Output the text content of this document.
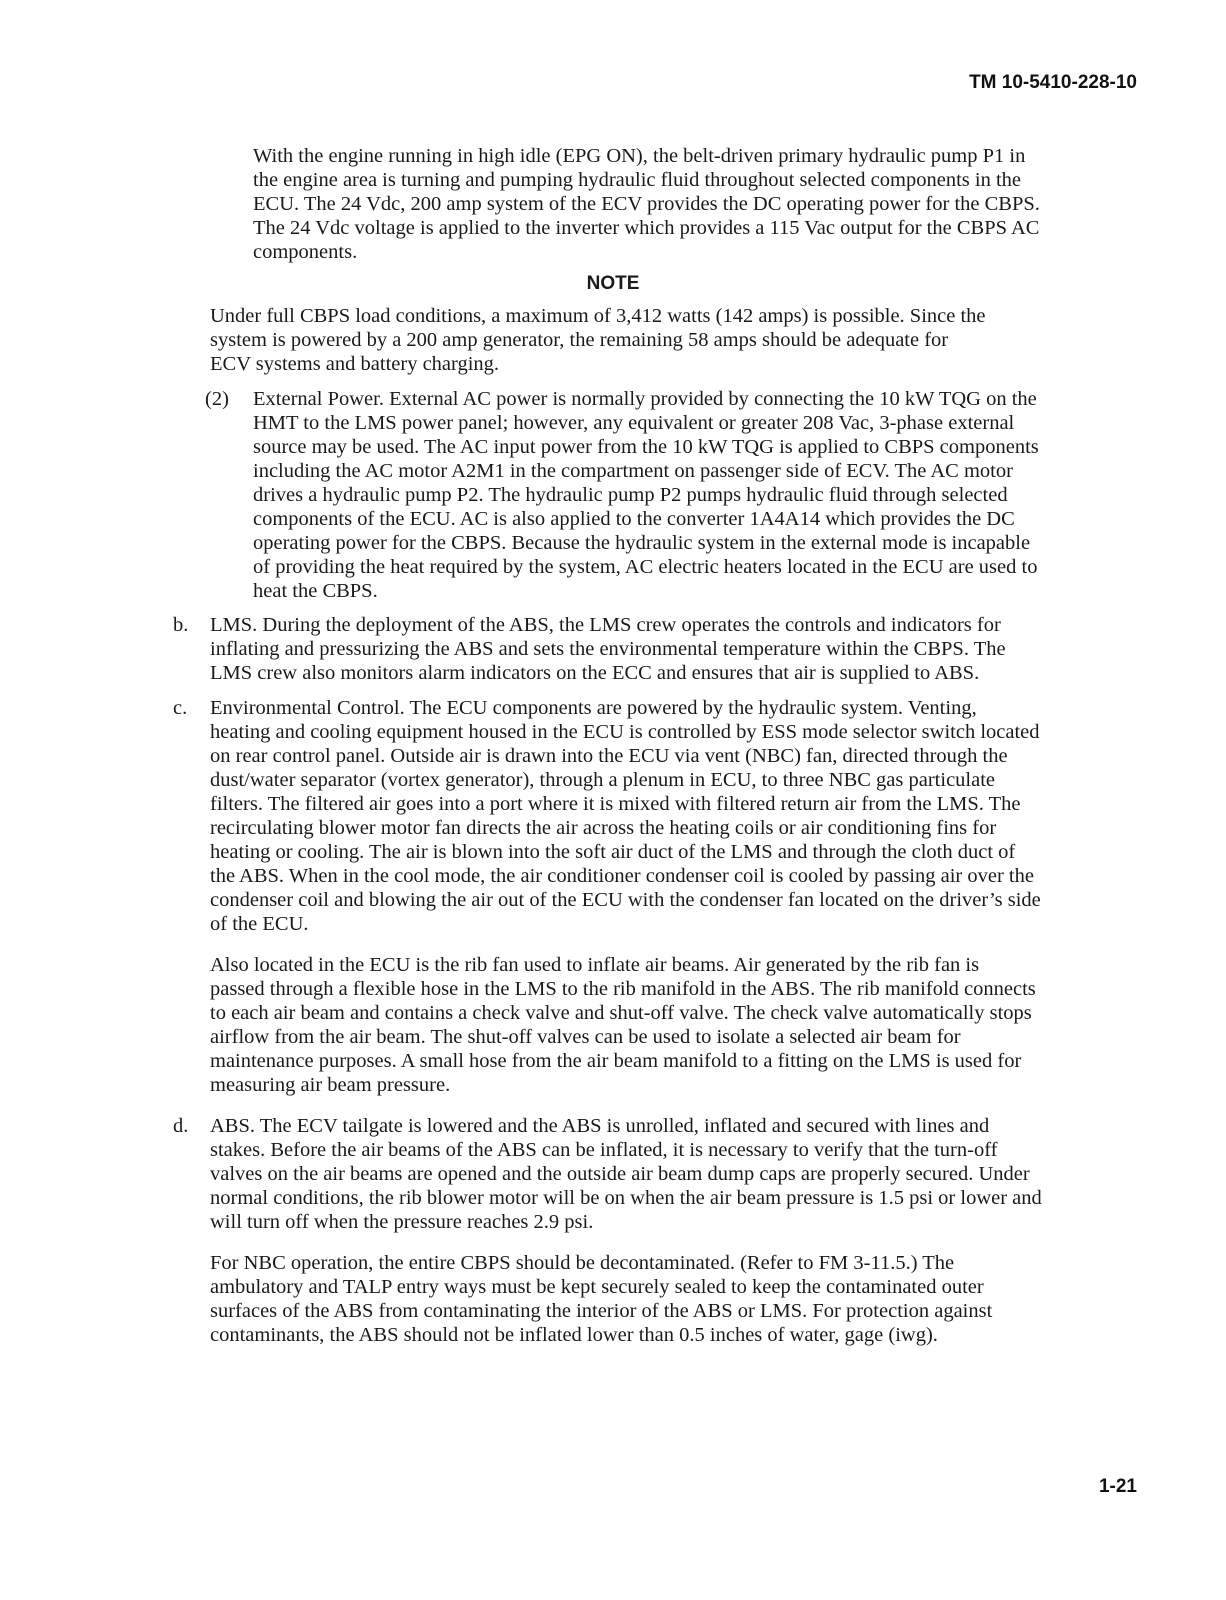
TM 10-5410-228-10
With the engine running in high idle (EPG ON), the belt-driven primary hydraulic pump P1 in
the engine area is turning and pumping hydraulic fluid throughout selected components in the
ECU. The 24 Vdc, 200 amp system of the ECV provides the DC operating power for the CBPS.
The 24 Vdc voltage is applied to the inverter which provides a 115 Vac output for the CBPS AC
components.
NOTE
Under full CBPS load conditions, a maximum of 3,412 watts (142 amps) is possible. Since the
system is powered by a 200 amp generator, the remaining 58 amps should be adequate for
ECV systems and battery charging.
(2) External Power. External AC power is normally provided by connecting the 10 kW TQG on the
HMT to the LMS power panel; however, any equivalent or greater 208 Vac, 3-phase external
source may be used. The AC input power from the 10 kW TQG is applied to CBPS components
including the AC motor A2M1 in the compartment on passenger side of ECV. The AC motor
drives a hydraulic pump P2. The hydraulic pump P2 pumps hydraulic fluid through selected
components of the ECU. AC is also applied to the converter 1A4A14 which provides the DC
operating power for the CBPS. Because the hydraulic system in the external mode is incapable
of providing the heat required by the system, AC electric heaters located in the ECU are used to
heat the CBPS.
b. LMS. During the deployment of the ABS, the LMS crew operates the controls and indicators for
inflating and pressurizing the ABS and sets the environmental temperature within the CBPS. The
LMS crew also monitors alarm indicators on the ECC and ensures that air is supplied to ABS.
c. Environmental Control. The ECU components are powered by the hydraulic system. Venting,
heating and cooling equipment housed in the ECU is controlled by ESS mode selector switch located
on rear control panel. Outside air is drawn into the ECU via vent (NBC) fan, directed through the
dust/water separator (vortex generator), through a plenum in ECU, to three NBC gas particulate
filters. The filtered air goes into a port where it is mixed with filtered return air from the LMS. The
recirculating blower motor fan directs the air across the heating coils or air conditioning fins for
heating or cooling. The air is blown into the soft air duct of the LMS and through the cloth duct of
the ABS. When in the cool mode, the air conditioner condenser coil is cooled by passing air over the
condenser coil and blowing the air out of the ECU with the condenser fan located on the driver’s side
of the ECU.
Also located in the ECU is the rib fan used to inflate air beams. Air generated by the rib fan is
passed through a flexible hose in the LMS to the rib manifold in the ABS. The rib manifold connects
to each air beam and contains a check valve and shut-off valve. The check valve automatically stops
airflow from the air beam. The shut-off valves can be used to isolate a selected air beam for
maintenance purposes. A small hose from the air beam manifold to a fitting on the LMS is used for
measuring air beam pressure.
d. ABS. The ECV tailgate is lowered and the ABS is unrolled, inflated and secured with lines and
stakes. Before the air beams of the ABS can be inflated, it is necessary to verify that the turn-off
valves on the air beams are opened and the outside air beam dump caps are properly secured. Under
normal conditions, the rib blower motor will be on when the air beam pressure is 1.5 psi or lower and
will turn off when the pressure reaches 2.9 psi.
For NBC operation, the entire CBPS should be decontaminated. (Refer to FM 3-11.5.) The
ambulatory and TALP entry ways must be kept securely sealed to keep the contaminated outer
surfaces of the ABS from contaminating the interior of the ABS or LMS. For protection against
contaminants, the ABS should not be inflated lower than 0.5 inches of water, gage (iwg).
1-21
